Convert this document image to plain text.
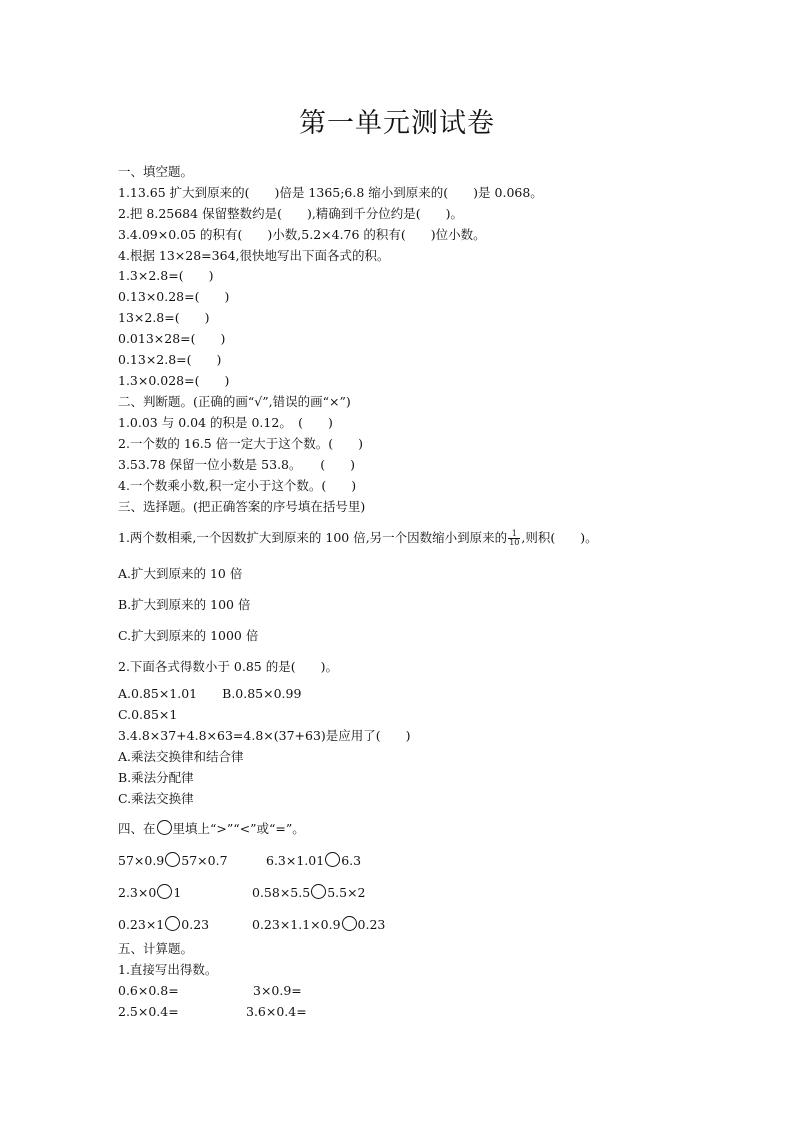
第一单元测试卷
一、填空题。
1.13.65 扩大到原来的(　　)倍是 1365;6.8 缩小到原来的(　　)是 0.068。
2.把 8.25684 保留整数约是(　　),精确到千分位约是(　　)。
3.4.09×0.05 的积有(　　)小数,5.2×4.76 的积有(　　)位小数。
4.根据 13×28=364,很快地写出下面各式的积。
1.3×2.8=(　　)
0.13×0.28=(　　)
13×2.8=(　　)
0.013×28=(　　)
0.13×2.8=(　　)
1.3×0.028=(　　)
二、判断题。(正确的画“√”,错误的画“×”)
1.0.03 与 0.04 的积是 0.12。　(　　)
2.一个数的 16.5 倍一定大于这个数。(　　)
3.53.78 保留一位小数是 53.8。　　(　　)
4.一个数乘小数,积一定小于这个数。(　　)
三、选择题。(把正确答案的序号填在括号里)
1.两个数相乘,一个因数扩大到原来的 100 倍,另一个因数缩小到原来的 $\frac{1}{10}$ ,则积(　　)。
A.扩大到原来的 10 倍
B.扩大到原来的 100 倍
C.扩大到原来的 1000 倍
2.下面各式得数小于 0.85 的是(　　)。
A.0.85×1.01　　B.0.85×0.99
C.0.85×1
3.4.8×37+4.8×63=4.8×(37+63)是应用了(　　)
A.乘法交换律和结合律
B.乘法分配律
C.乘法交换律
四、在 里填上“>”“<”或“=”。
57×0.9 57×0.7	6.3×1.01 6.3
2.3×0 1	0.58×5.5 5.5×2
0.23×1 0.23	0.23×1.1×0.9 0.23
五、计算题。
1.直接写出得数。
0.6×0.8=	3×0.9=
2.5×0.4=	3.6×0.4=
